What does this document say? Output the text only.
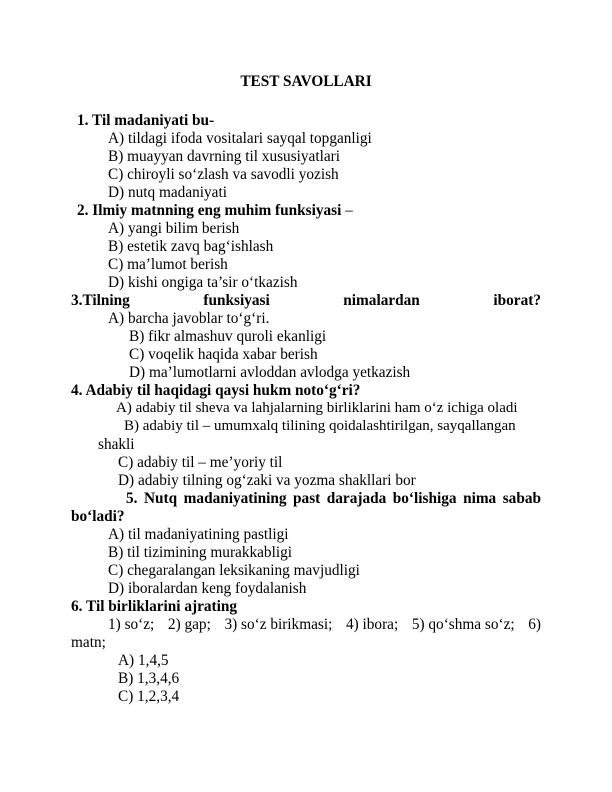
TEST SAVOLLARI
1. Til madaniyati bu-
A) tildagi ifoda vositalari sayqal topganligi
B) muayyan davrning til xususiyatlari
C) chiroyli so‘zlash va savodli yozish
D) nutq madaniyati
2. Ilmiy matnning eng muhim funksiyasi –
A) yangi bilim berish
B) estetik zavq bag‘ishlash
C) ma’lumot berish
D) kishi ongiga ta’sir o‘tkazish
3.Tilning	funksiyasi	nimalardan	iborat?
A) barcha javoblar to‘g‘ri.
B) fikr almashuv quroli ekanligi
C) voqelik haqida xabar berish
D) ma’lumotlarni avloddan avlodga yetkazish
4. Adabiy til haqidagi qaysi hukm noto‘g‘ri?
A) adabiy til sheva va lahjalarning birliklarini ham o‘z ichiga oladi
B) adabiy til – umumxalq tilining qoidalashtirilgan, sayqallangan
shakli
C) adabiy til – me’yoriy til
D) adabiy tilning og‘zaki va yozma shakllari bor
5. Nutq madaniyatining past darajada bo‘lishiga nima sabab
bo‘ladi?
A) til madaniyatining pastligi
B) til tizimining murakkabligi
C) chegaralangan leksikaning mavjudligi
D) iboralardan keng foydalanish
6. Til birliklarini ajrating
1) so‘z; 2) gap; 3) so‘z birikmasi; 4) ibora; 5) qo‘shma so‘z; 6)
matn;
A) 1,4,5
B) 1,3,4,6
C) 1,2,3,4
